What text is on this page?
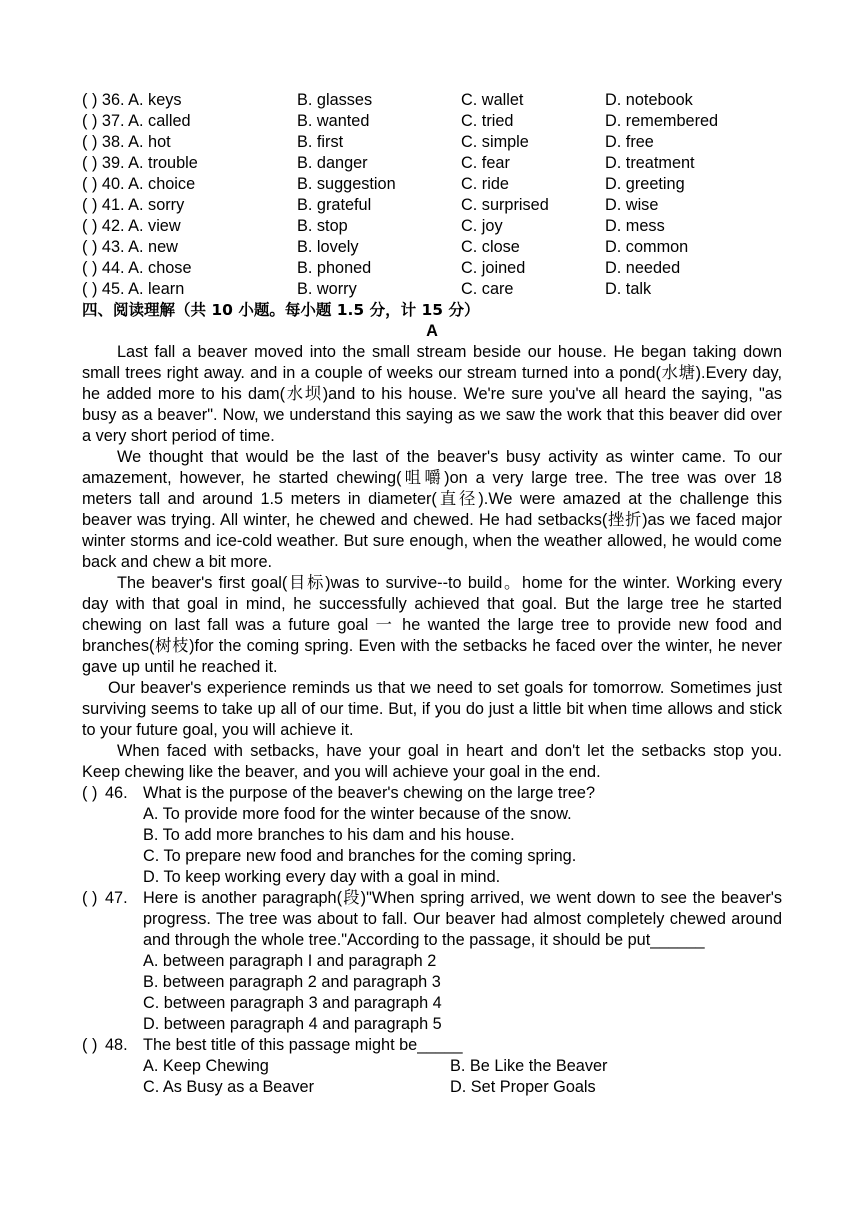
( ) 36. A. keys	B. glasses	C. wallet	D. notebook
( ) 37. A. called	B. wanted	C. tried	D. remembered
( ) 38. A. hot	B. first	C. simple	D. free
( ) 39. A. trouble	B. danger	C. fear	D. treatment
( ) 40. A. choice	B. suggestion	C. ride	D. greeting
( ) 41. A. sorry	B. grateful	C. surprised	D. wise
( ) 42. A. view	B. stop	C. joy	D. mess
( ) 43. A. new	B. lovely	C. close	D. common
( ) 44. A. chose	B. phoned	C. joined	D. needed
( ) 45. A. learn	B. worry	C. care	D. talk
四、阅读理解（共 10 小题。每小题 1.5 分，计 15 分）
A

Last fall a beaver moved into the small stream beside our house. He began taking down small trees right away. and in a couple of weeks our stream turned into a pond(水塘).Every day, he added more to his dam(水坝)and to his house. We're sure you've all heard the saying, "as busy as a beaver". Now, we understand this saying as we saw the work that this beaver did over a very short period of time.

We thought that would be the last of the beaver's busy activity as winter came. To our amazement, however, he started chewing(咀嚼)on a very large tree. The tree was over 18 meters tall and around 1.5 meters in diameter(直径).We were amazed at the challenge this beaver was trying. All winter, he chewed and chewed. He had setbacks(挫折)as we faced major winter storms and ice-cold weather. But sure enough, when the weather allowed, he would come back and chew a bit more.

The beaver's first goal(目标)was to survive--to build。home for the winter. Working every day with that goal in mind, he successfully achieved that goal. But the large tree he started chewing on last fall was a future goal 一 he wanted the large tree to provide new food and branches(树枝)for the coming spring. Even with the setbacks he faced over the winter, he never gave up until he reached it.

Our beaver's experience reminds us that we need to set goals for tomorrow. Sometimes just surviving seems to take up all of our time. But, if you do just a little bit when time allows and stick to your future goal, you will achieve it.

When faced with setbacks, have your goal in heart and don't let the setbacks stop you. Keep chewing like the beaver, and you will achieve your goal in the end.

( ) 46. What is the purpose of the beaver's chewing on the large tree?
A. To provide more food for the winter because of the snow.
B. To add more branches to his dam and his house.
C. To prepare new food and branches for the coming spring.
D. To keep working every day with a goal in mind.
( ) 47. Here is another paragraph(段)"When spring arrived, we went down to see the beaver's progress. The tree was about to fall. Our beaver had almost completely chewed around and through the whole tree."According to the passage, it should be put______
A. between paragraph I and paragraph 2
B. between paragraph 2 and paragraph 3
C. between paragraph 3 and paragraph 4
D. between paragraph 4 and paragraph 5
( ) 48. The best title of this passage might be_____
A. Keep Chewing	B. Be Like the Beaver
C. As Busy as a Beaver	D. Set Proper Goals
